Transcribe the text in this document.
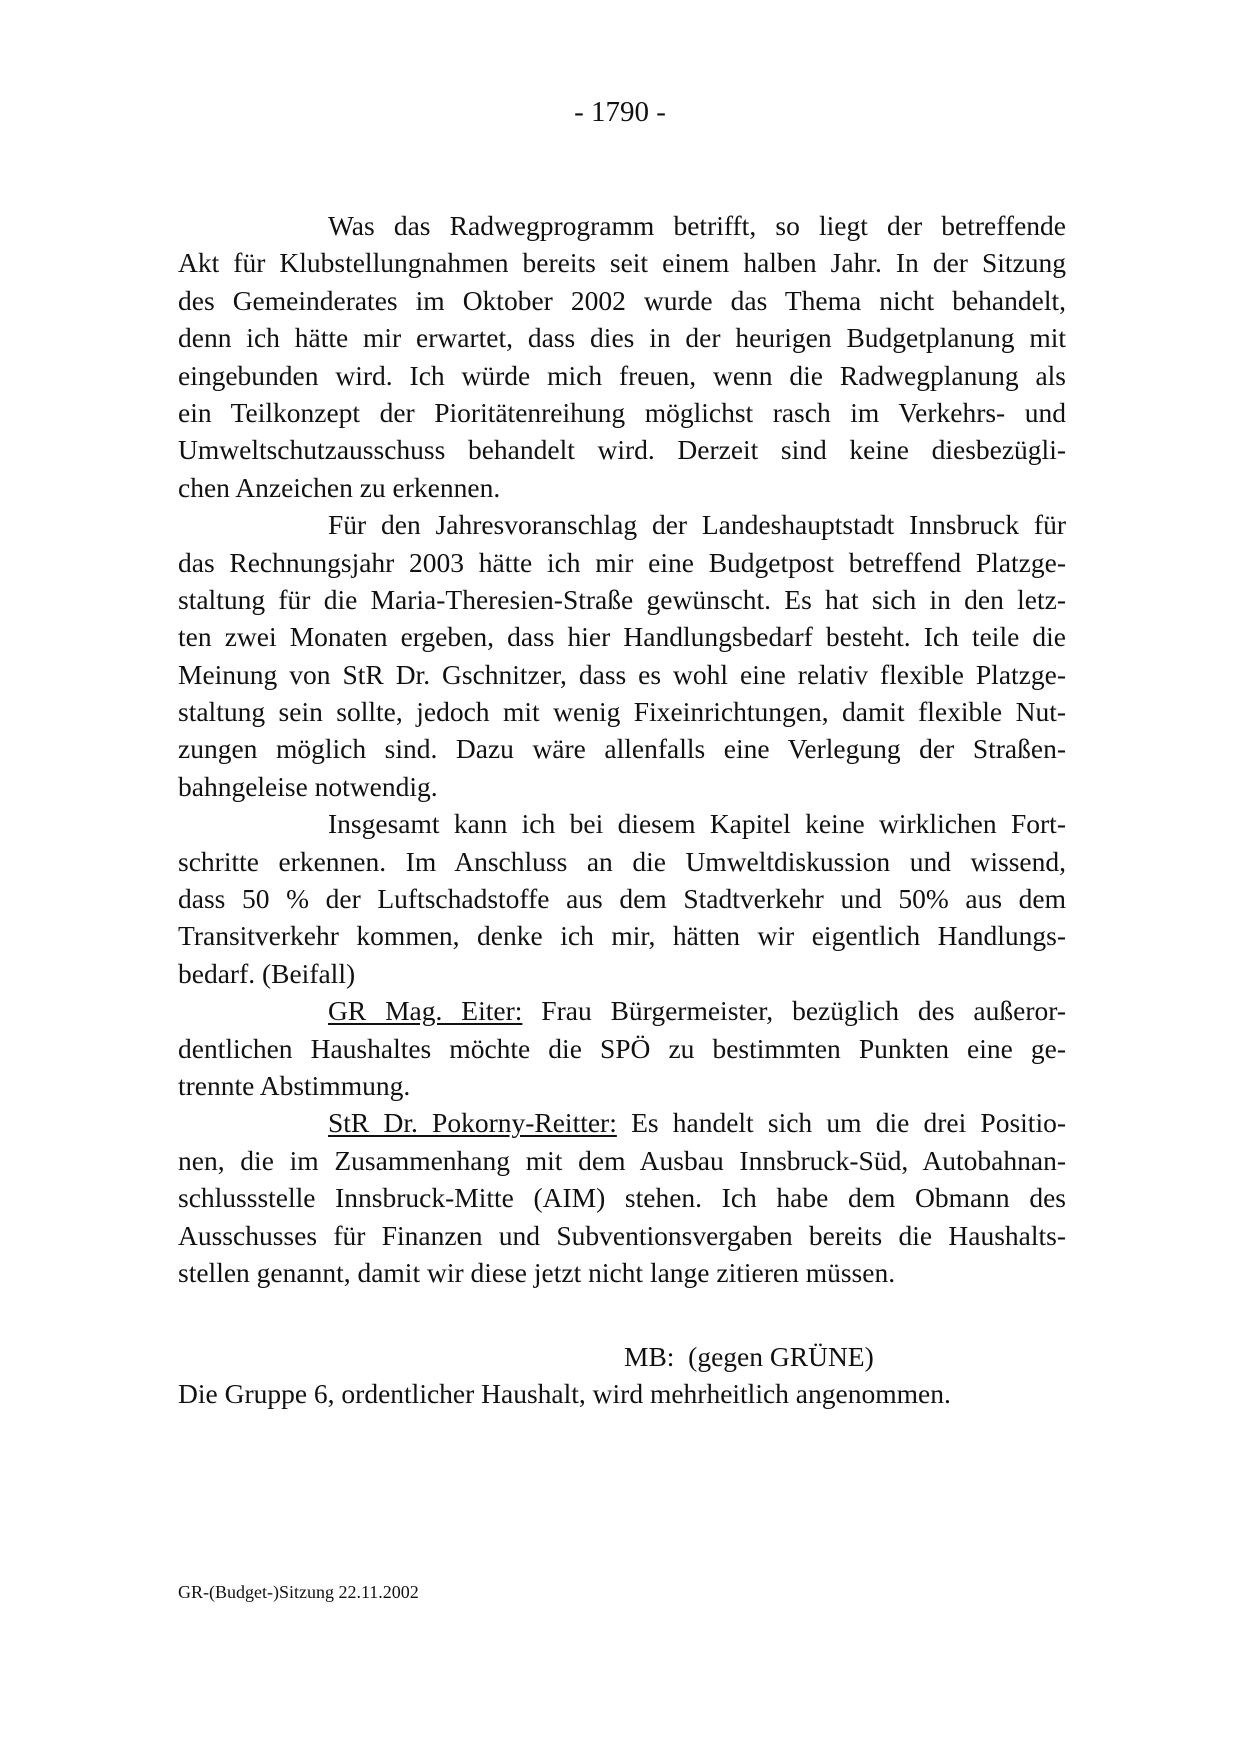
- 1790 -
Was das Radwegprogramm betrifft, so liegt der betreffende
Akt für Klubstellungnahmen bereits seit einem halben Jahr. In der Sitzung
des Gemeinderates im Oktober 2002 wurde das Thema nicht behandelt,
denn ich hätte mir erwartet, dass dies in der heurigen Budgetplanung mit
eingebunden wird. Ich würde mich freuen, wenn die Radwegplanung als
ein Teilkonzept der Pioritätenreihung möglichst rasch im Verkehrs- und
Umweltschutzausschuss behandelt wird. Derzeit sind keine diesbezügli-
chen Anzeichen zu erkennen.
Für den Jahresvoranschlag der Landeshauptstadt Innsbruck für
das Rechnungsjahr 2003 hätte ich mir eine Budgetpost betreffend Platzge-
staltung für die Maria-Theresien-Straße gewünscht. Es hat sich in den letz-
ten zwei Monaten ergeben, dass hier Handlungsbedarf besteht. Ich teile die
Meinung von StR Dr. Gschnitzer, dass es wohl eine relativ flexible Platzge-
staltung sein sollte, jedoch mit wenig Fixeinrichtungen, damit flexible Nut-
zungen möglich sind. Dazu wäre allenfalls eine Verlegung der Straßen-
bahngeleise notwendig.
Insgesamt kann ich bei diesem Kapitel keine wirklichen Fort-
schritte erkennen. Im Anschluss an die Umweltdiskussion und wissend,
dass 50 % der Luftschadstoffe aus dem Stadtverkehr und 50% aus dem
Transitverkehr kommen, denke ich mir, hätten wir eigentlich Handlungs-
bedarf. (Beifall)
GR Mag. Eiter: Frau Bürgermeister, bezüglich des außeror-
dentlichen Haushaltes möchte die SPÖ zu bestimmten Punkten eine ge-
trennte Abstimmung.
StR Dr. Pokorny-Reitter: Es handelt sich um die drei Positio-
nen, die im Zusammenhang mit dem Ausbau Innsbruck-Süd, Autobahnan-
schlussstelle Innsbruck-Mitte (AIM) stehen. Ich habe dem Obmann des
Ausschusses für Finanzen und Subventionsvergaben bereits die Haushalts-
stellen genannt, damit wir diese jetzt nicht lange zitieren müssen.
MB:  (gegen GRÜNE)
Die Gruppe 6, ordentlicher Haushalt, wird mehrheitlich angenommen.
GR-(Budget-)Sitzung 22.11.2002
